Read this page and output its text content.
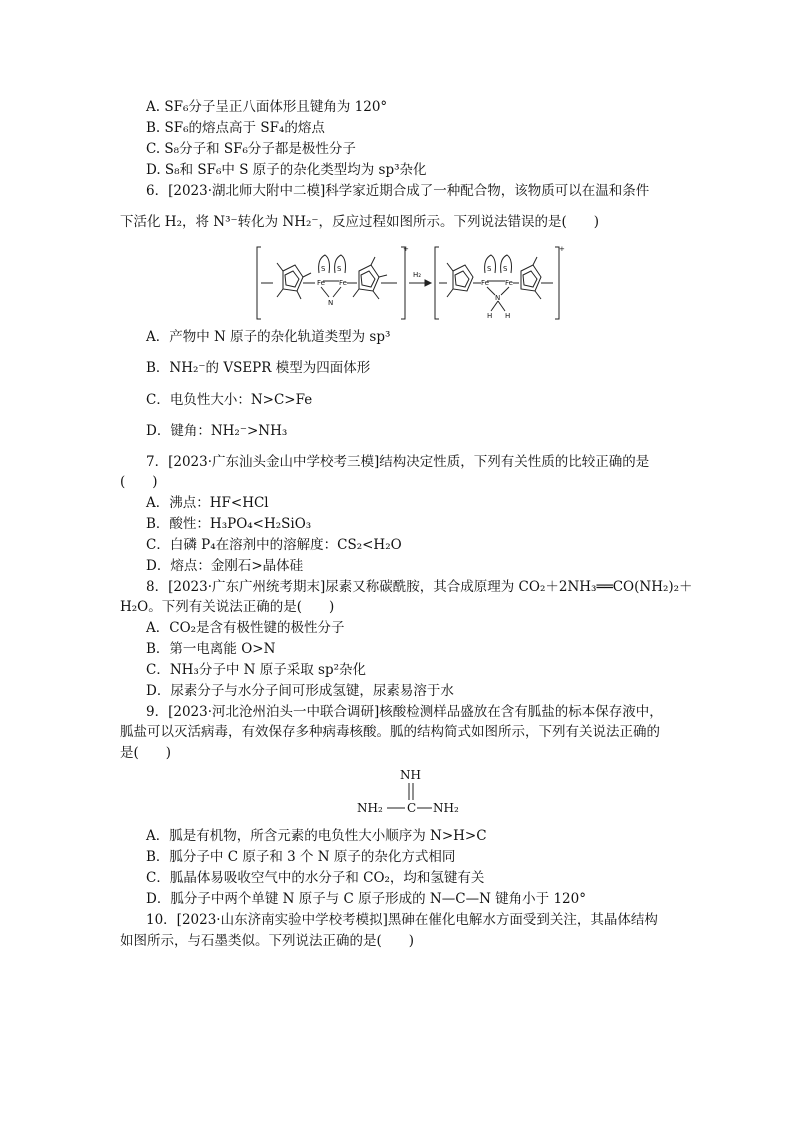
A. SF₆分子呈正八面体形且键角为 120°
B. SF₆的熔点高于 SF₄的熔点
C. S₈分子和 SF₆分子都是极性分子
D. S₈和 SF₆中 S 原子的杂化类型均为 sp³杂化
6．[2023·湖北师大附中二模]科学家近期合成了一种配合物，该物质可以在温和条件
下活化 H₂，将 N³⁻转化为 NH₂⁻，反应过程如图所示。下列说法错误的是(　　)
+	+
H₂
Fe Fe
S S
N
Fe Fe
S S
N
H H
A．产物中 N 原子的杂化轨道类型为 sp³
B．NH₂⁻的 VSEPR 模型为四面体形
C．电负性大小：N>C>Fe
D．键角：NH₂⁻>NH₃
7．[2023·广东汕头金山中学校考三模]结构决定性质，下列有关性质的比较正确的是
(　　)
A．沸点：HF<HCl
B．酸性：H₃PO₄<H₂SiO₃
C．白磷 P₄在溶剂中的溶解度：CS₂<H₂O
D．熔点：金刚石>晶体硅
8．[2023·广东广州统考期末]尿素又称碳酰胺，其合成原理为 CO₂＋2NH₃══CO(NH₂)₂＋
H₂O。下列有关说法正确的是(　　)
A．CO₂是含有极性键的极性分子
B．第一电离能 O>N
C．NH₃分子中 N 原子采取 sp²杂化
D．尿素分子与水分子间可形成氢键，尿素易溶于水
9．[2023·河北沧州泊头一中联合调研]核酸检测样品盛放在含有胍盐的标本保存液中，
胍盐可以灭活病毒，有效保存多种病毒核酸。胍的结构简式如图所示，下列有关说法正确的
是(　　)
NH
NH₂ C NH₂
A．胍是有机物，所含元素的电负性大小顺序为 N>H>C
B．胍分子中 C 原子和 3 个 N 原子的杂化方式相同
C．胍晶体易吸收空气中的水分子和 CO₂，均和氢键有关
D．胍分子中两个单键 N 原子与 C 原子形成的 N—C—N 键角小于 120°
10．[2023·山东济南实验中学校考模拟]黑砷在催化电解水方面受到关注，其晶体结构
如图所示，与石墨类似。下列说法正确的是(　　)
